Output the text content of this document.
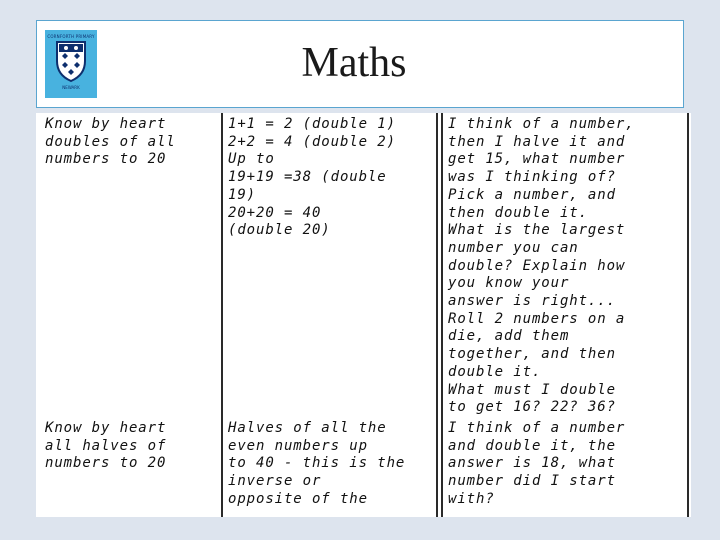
CORNFORTH PRIMARY
NEWARK
Maths
Know by heart
doubles of all
numbers to 20
1+1 = 2 (double 1)
2+2 = 4 (double 2)
Up to
19+19 =38 (double
19)
20+20 = 40
(double 20)
I think of a number,
then I halve it and
get 15, what number
was I thinking of?
Pick a number, and
then double it.
What is the largest
number you can
double? Explain how
you know your
answer is right...
Roll 2 numbers on a
die, add them
together, and then
double it.
What must I double
to get 16? 22? 36?
Know by heart
all halves of
numbers to 20
Halves of all the
even numbers up
to 40 - this is the
inverse or
opposite of the
I think of a number
and double it, the
answer is 18, what
number did I start
with?
